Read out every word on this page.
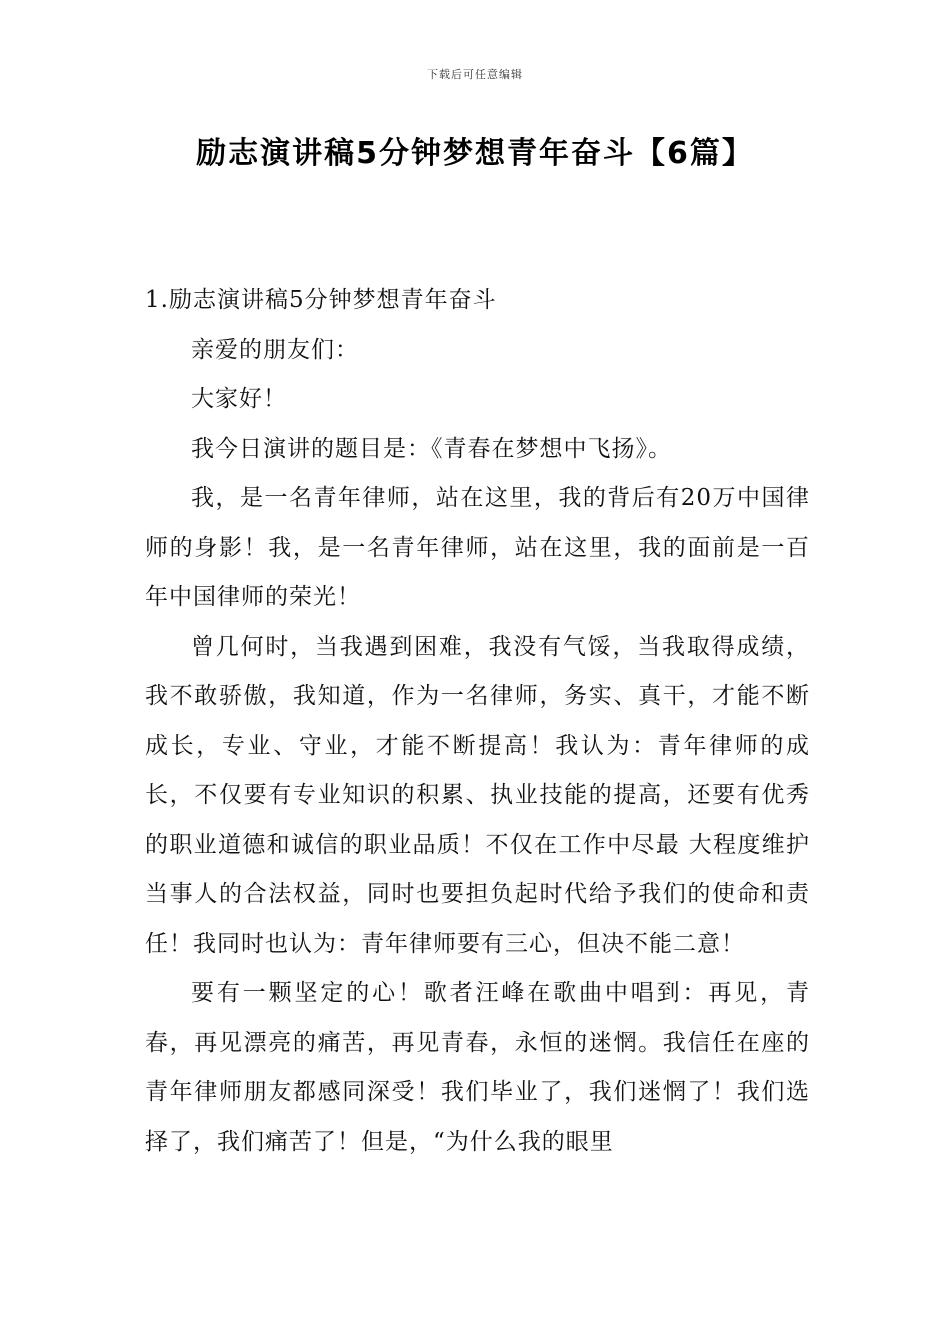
下载后可任意编辑
励志演讲稿5分钟梦想青年奋斗【6篇】

1.励志演讲稿5分钟梦想青年奋斗

亲爱的朋友们：

大家好！

我今日演讲的题目是：《青春在梦想中飞扬》。

我，是一名青年律师，站在这里，我的背后有20万中国律师的身影！我，是一名青年律师，站在这里，我的面前是一百年中国律师的荣光！

曾几何时，当我遇到困难，我没有气馁，当我取得成绩，我不敢骄傲，我知道，作为一名律师，务实、真干，才能不断成长，专业、守业，才能不断提高！我认为：青年律师的成长，不仅要有专业知识的积累、执业技能的提高，还要有优秀的职业道德和诚信的职业品质！不仅在工作中尽最 大程度维护当事人的合法权益，同时也要担负起时代给予我们的使命和责任！我同时也认为：青年律师要有三心，但决不能二意！

要有一颗坚定的心！歌者汪峰在歌曲中唱到：再见，青春，再见漂亮的痛苦，再见青春，永恒的迷惘。我信任在座的青年律师朋友都感同深受！我们毕业了，我们迷惘了！我们选择了，我们痛苦了！但是，“为什么我的眼里
